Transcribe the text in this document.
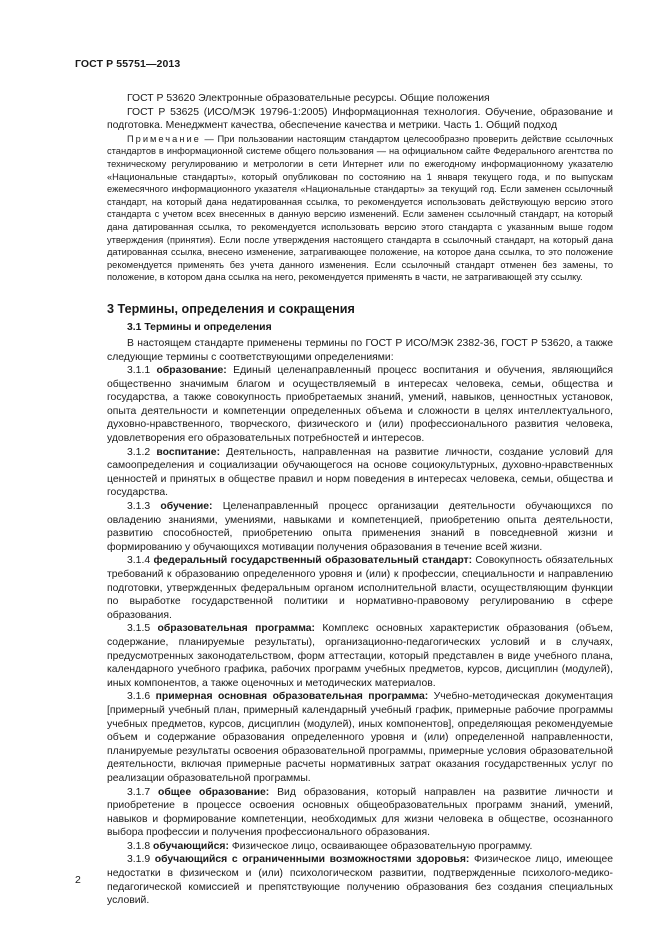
ГОСТ Р 55751—2013

ГОСТ Р 53620 Электронные образовательные ресурсы. Общие положения

ГОСТ Р 53625 (ИСО/МЭК 19796-1:2005) Информационная технология. Обучение, образование и подготовка. Менеджмент качества, обеспечение качества и метрики. Часть 1. Общий подход

Примечание — При пользовании настоящим стандартом целесообразно проверить действие ссылочных стандартов в информационной системе общего пользования — на официальном сайте Федерального агентства по техническому регулированию и метрологии в сети Интернет или по ежегодному информационному указателю «Национальные стандарты», который опубликован по состоянию на 1 января текущего года, и по выпускам ежемесячного информационного указателя «Национальные стандарты» за текущий год. Если заменен ссылочный стандарт, на который дана недатированная ссылка, то рекомендуется использовать действующую версию этого стандарта с учетом всех внесенных в данную версию изменений. Если заменен ссылочный стандарт, на который дана датированная ссылка, то рекомендуется использовать версию этого стандарта с указанным выше годом утверждения (принятия). Если после утверждения настоящего стандарта в ссылочный стандарт, на который дана датированная ссылка, внесено изменение, затрагивающее положение, на которое дана ссылка, то это положение рекомендуется применять без учета данного изменения. Если ссылочный стандарт отменен без замены, то положение, в котором дана ссылка на него, рекомендуется применять в части, не затрагивающей эту ссылку.

3 Термины, определения и сокращения
3.1 Термины и определения

В настоящем стандарте применены термины по ГОСТ Р ИСО/МЭК 2382-36, ГОСТ Р 53620, а также следующие термины с соответствующими определениями:

3.1.1 образование: Единый целенаправленный процесс воспитания и обучения, являющийся общественно значимым благом и осуществляемый в интересах человека, семьи, общества и государства, а также совокупность приобретаемых знаний, умений, навыков, ценностных установок, опыта деятельности и компетенции определенных объема и сложности в целях интеллектуального, духовно-нравственного, творческого, физического и (или) профессионального развития человека, удовлетворения его образовательных потребностей и интересов.

3.1.2 воспитание: Деятельность, направленная на развитие личности, создание условий для самоопределения и социализации обучающегося на основе социокультурных, духовно-нравственных ценностей и принятых в обществе правил и норм поведения в интересах человека, семьи, общества и государства.

3.1.3 обучение: Целенаправленный процесс организации деятельности обучающихся по овладению знаниями, умениями, навыками и компетенцией, приобретению опыта деятельности, развитию способностей, приобретению опыта применения знаний в повседневной жизни и формированию у обучающихся мотивации получения образования в течение всей жизни.

3.1.4 федеральный государственный образовательный стандарт: Совокупность обязательных требований к образованию определенного уровня и (или) к профессии, специальности и направлению подготовки, утвержденных федеральным органом исполнительной власти, осуществляющим функции по выработке государственной политики и нормативно-правовому регулированию в сфере образования.

3.1.5 образовательная программа: Комплекс основных характеристик образования (объем, содержание, планируемые результаты), организационно-педагогических условий и в случаях, предусмотренных законодательством, форм аттестации, который представлен в виде учебного плана, календарного учебного графика, рабочих программ учебных предметов, курсов, дисциплин (модулей), иных компонентов, а также оценочных и методических материалов.

3.1.6 примерная основная образовательная программа: Учебно-методическая документация [примерный учебный план, примерный календарный учебный график, примерные рабочие программы учебных предметов, курсов, дисциплин (модулей), иных компонентов], определяющая рекомендуемые объем и содержание образования определенного уровня и (или) определенной направленности, планируемые результаты освоения образовательной программы, примерные условия образовательной деятельности, включая примерные расчеты нормативных затрат оказания государственных услуг по реализации образовательной программы.

3.1.7 общее образование: Вид образования, который направлен на развитие личности и приобретение в процессе освоения основных общеобразовательных программ знаний, умений, навыков и формирование компетенции, необходимых для жизни человека в обществе, осознанного выбора профессии и получения профессионального образования.

3.1.8 обучающийся: Физическое лицо, осваивающее образовательную программу.

3.1.9 обучающийся с ограниченными возможностями здоровья: Физическое лицо, имеющее недостатки в физическом и (или) психологическом развитии, подтвержденные психолого-медико-педагогической комиссией и препятствующие получению образования без создания специальных условий.

2
